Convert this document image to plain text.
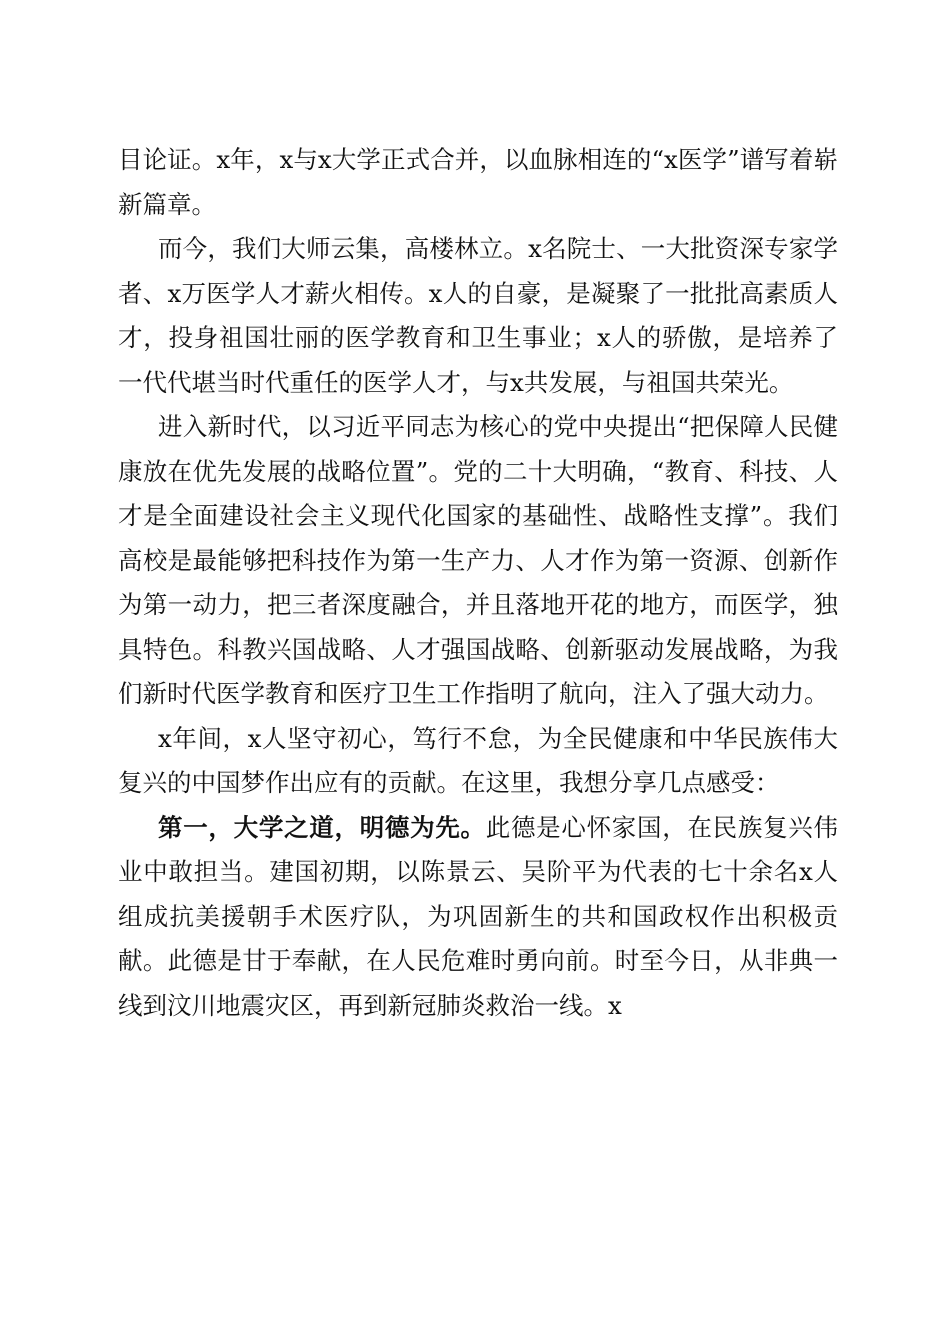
目论证。x年，x与x大学正式合并，以血脉相连的“x医学”谱写着崭新篇章。

而今，我们大师云集，高楼林立。x名院士、一大批资深专家学者、x万医学人才薪火相传。x人的自豪，是凝聚了一批批高素质人才，投身祖国壮丽的医学教育和卫生事业；x人的骄傲，是培养了一代代堪当时代重任的医学人才，与x共发展，与祖国共荣光。

进入新时代，以习近平同志为核心的党中央提出“把保障人民健康放在优先发展的战略位置”。党的二十大明确，“教育、科技、人才是全面建设社会主义现代化国家的基础性、战略性支撑”。我们高校是最能够把科技作为第一生产力、人才作为第一资源、创新作为第一动力，把三者深度融合，并且落地开花的地方，而医学，独具特色。科教兴国战略、人才强国战略、创新驱动发展战略，为我们新时代医学教育和医疗卫生工作指明了航向，注入了强大动力。

x年间，x人坚守初心，笃行不怠，为全民健康和中华民族伟大复兴的中国梦作出应有的贡献。在这里，我想分享几点感受：

第一，大学之道，明德为先。此德是心怀家国，在民族复兴伟业中敢担当。建国初期，以陈景云、吴阶平为代表的七十余名x人组成抗美援朝手术医疗队，为巩固新生的共和国政权作出积极贡献。此德是甘于奉献，在人民危难时勇向前。时至今日，从非典一线到汶川地震灾区，再到新冠肺炎救治一线。x
